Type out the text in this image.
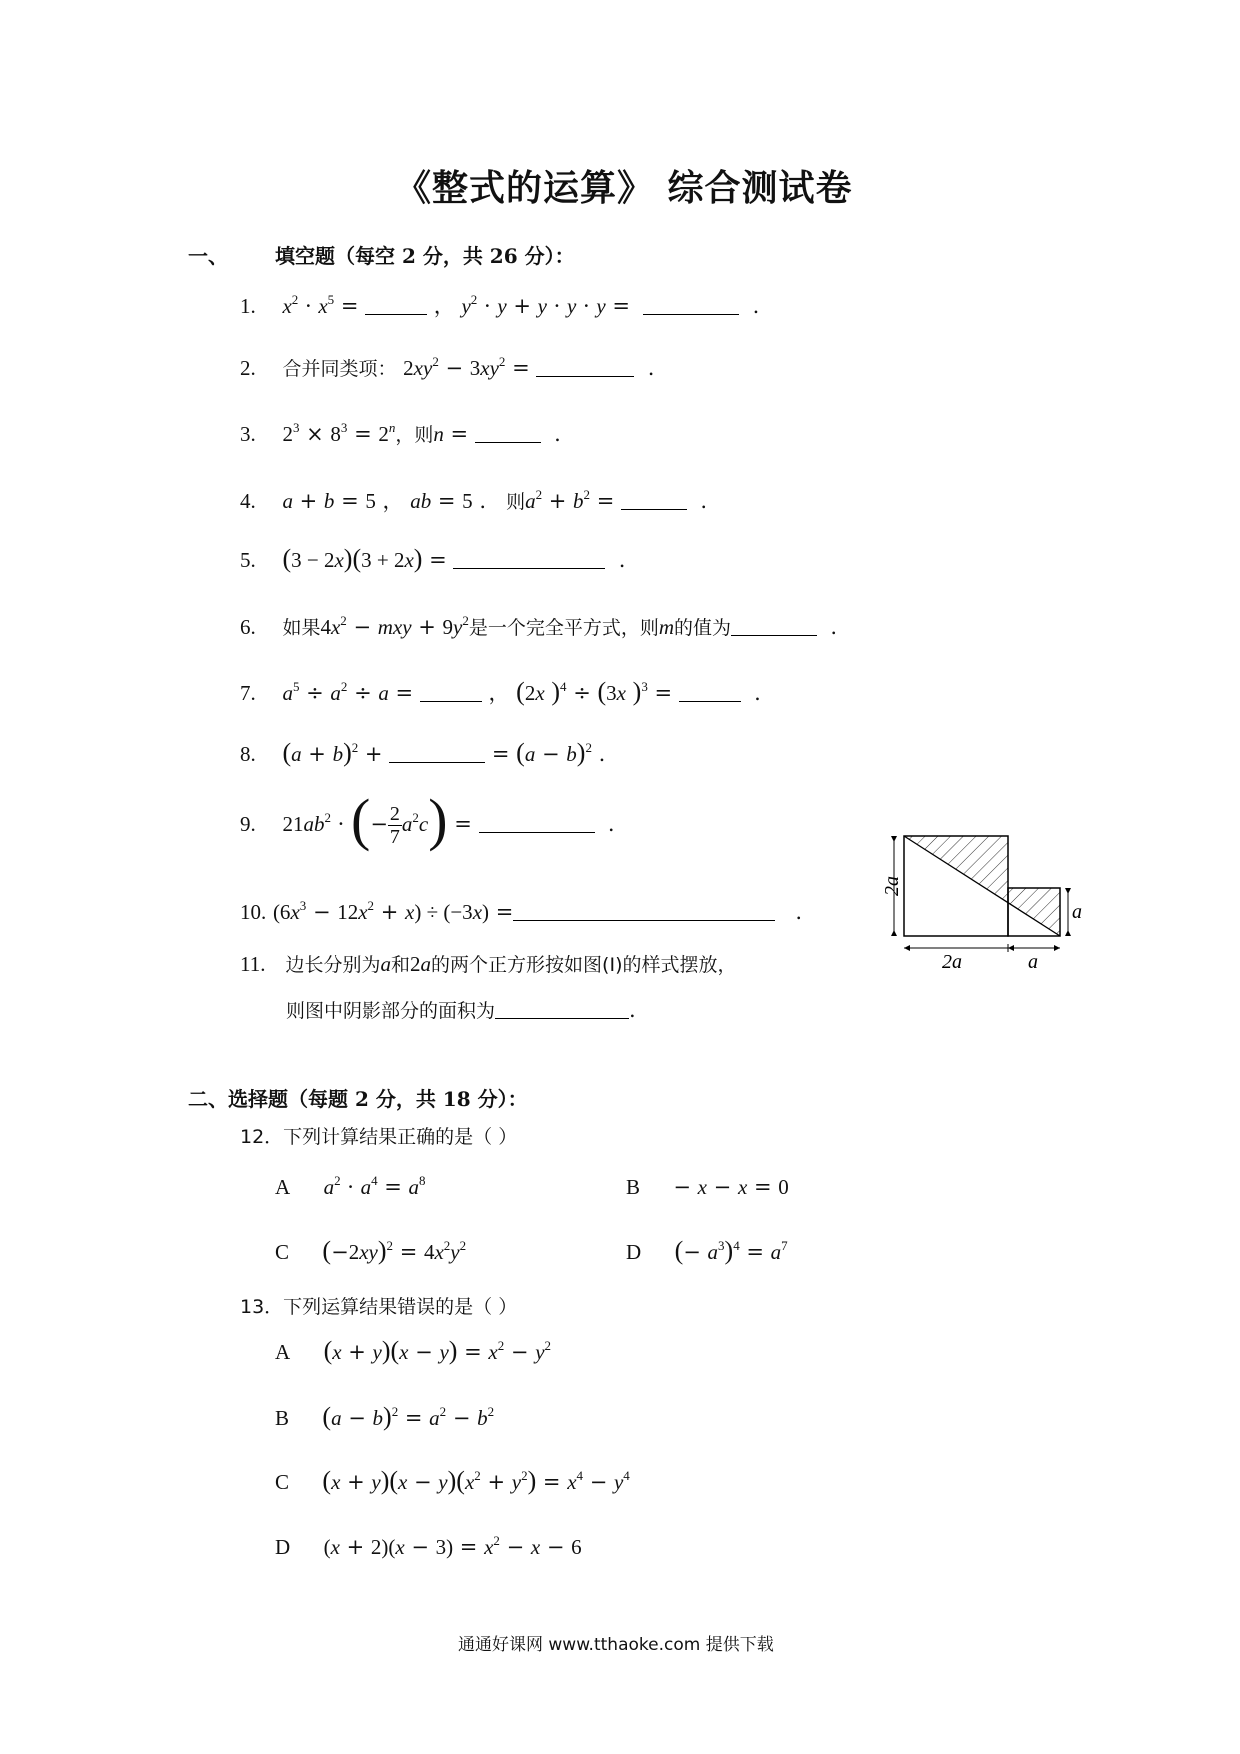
《整式的运算》 综合测试卷
一、 填空题（每空 2 分，共 26 分）：
1. $x^2 \cdot x^5$ =	， $y^2 \cdot y + y \cdot y \cdot y$ =	.
2. 合并同类项： $2xy^2 - 3xy^2$ =	.
3. $2^3 \times 8^3 = 2^n$，则n =	.
4. a + b = 5 ， ab = 5 .   则$a^2 + b^2$ =	.
5. (3 − 2x)(3 + 2x) =	.
6. 如果$4x^2$ − mxy + $9y^2$是一个完全平方式，则m的值为	.
7. $a^5 \div a^2 \div a$ =	， (2x )$^4$ ÷ (3x )$^3$ =	.
8. $(a + b)^2$ +	= $(a - b)^2$ .
9. $21ab^2$ · (− $\frac{2}{7} a^2c$) =	.
10. $(6x^3 - 12x^2 + x) \div (-3x)$ =	.
11. 边长分别为a和2a的两个正方形按如图(I)的样式摆放，
则图中阴影部分的面积为	.
2a
a
2a	a
二、选择题（每题 2 分，共 18 分）：
12．下列计算结果正确的是（ ）
A $a^2 \cdot a^4 = a^8$	B     − x − x = 0
C $(-2xy)^2 = 4x^2y^2$	D (− $a^3)^4 = a^7$
13．下列运算结果错误的是（ ）
A $(x + y)(x - y) = x^2 - y^2$
B $(a - b)^2 = a^2 - b^2$
C $(x + y)(x - y)(x^2 + y^2) = x^4 - y^4$
D $(x + 2)(x - 3) = x^2 - x - 6$
通通好课网 www.tthaoke.com 提供下载
